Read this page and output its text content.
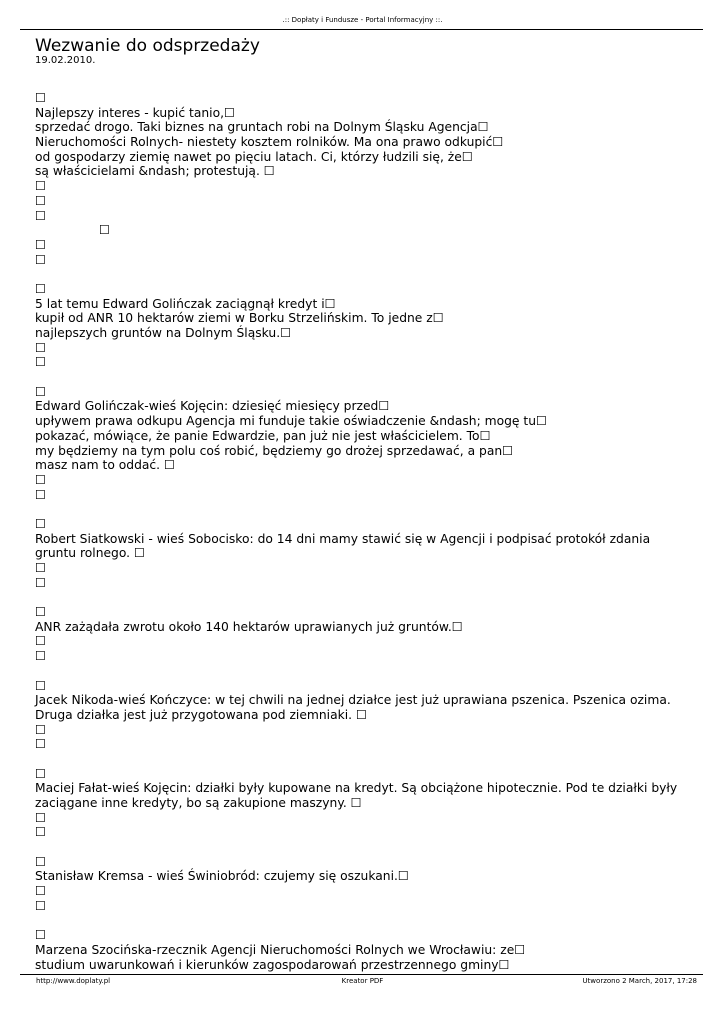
.:: Dopłaty i Fundusze - Portal Informacyjny ::.
Wezwanie do odsprzedaży
19.02.2010.
☐
Najlepszy interes - kupić tanio,☐
sprzedać drogo. Taki biznes na gruntach robi na Dolnym Śląsku Agencja☐
Nieruchomości Rolnych- niestety kosztem rolników. Ma ona prawo odkupić☐
od gospodarzy ziemię nawet po pięciu latach. Ci, którzy łudzili się, że☐
są właścicielami &ndash; protestują. ☐
☐
☐
☐
☐
☐
☐
☐
5 lat temu Edward Golińczak zaciągnął kredyt i☐
kupił od ANR 10 hektarów ziemi w Borku Strzelińskim. To jedne z☐
najlepszych gruntów na Dolnym Śląsku.☐
☐
☐
☐
Edward Golińczak-wieś Kojęcin: dziesięć miesięcy przed☐
upływem prawa odkupu Agencja mi funduje takie oświadczenie &ndash; mogę tu☐
pokazać, mówiące, że panie Edwardzie, pan już nie jest właścicielem. To☐
my będziemy na tym polu coś robić, będziemy go drożej sprzedawać, a pan☐
masz nam to oddać. ☐
☐
☐
☐
Robert Siatkowski - wieś Sobocisko: do 14 dni mamy stawić się w Agencji i podpisać protokół zdania
gruntu rolnego. ☐
☐
☐
☐
ANR zażądała zwrotu około 140 hektarów uprawianych już gruntów.☐
☐
☐
☐
Jacek Nikoda-wieś Kończyce: w tej chwili na jednej działce jest już uprawiana pszenica. Pszenica ozima.
Druga działka jest już przygotowana pod ziemniaki. ☐
☐
☐
☐
Maciej Fałat-wieś Kojęcin: działki były kupowane na kredyt. Są obciążone hipotecznie. Pod te działki były
zaciągane inne kredyty, bo są zakupione maszyny. ☐
☐
☐
☐
Stanisław Kremsa - wieś Świniobród: czujemy się oszukani.☐
☐
☐
☐
Marzena Szocińska-rzecznik Agencji Nieruchomości Rolnych we Wrocławiu: ze☐
studium uwarunkowań i kierunków zagospodarowań przestrzennego gminy☐
http://www.doplaty.pl	Kreator PDF	Utworzono 2 March, 2017, 17:28
